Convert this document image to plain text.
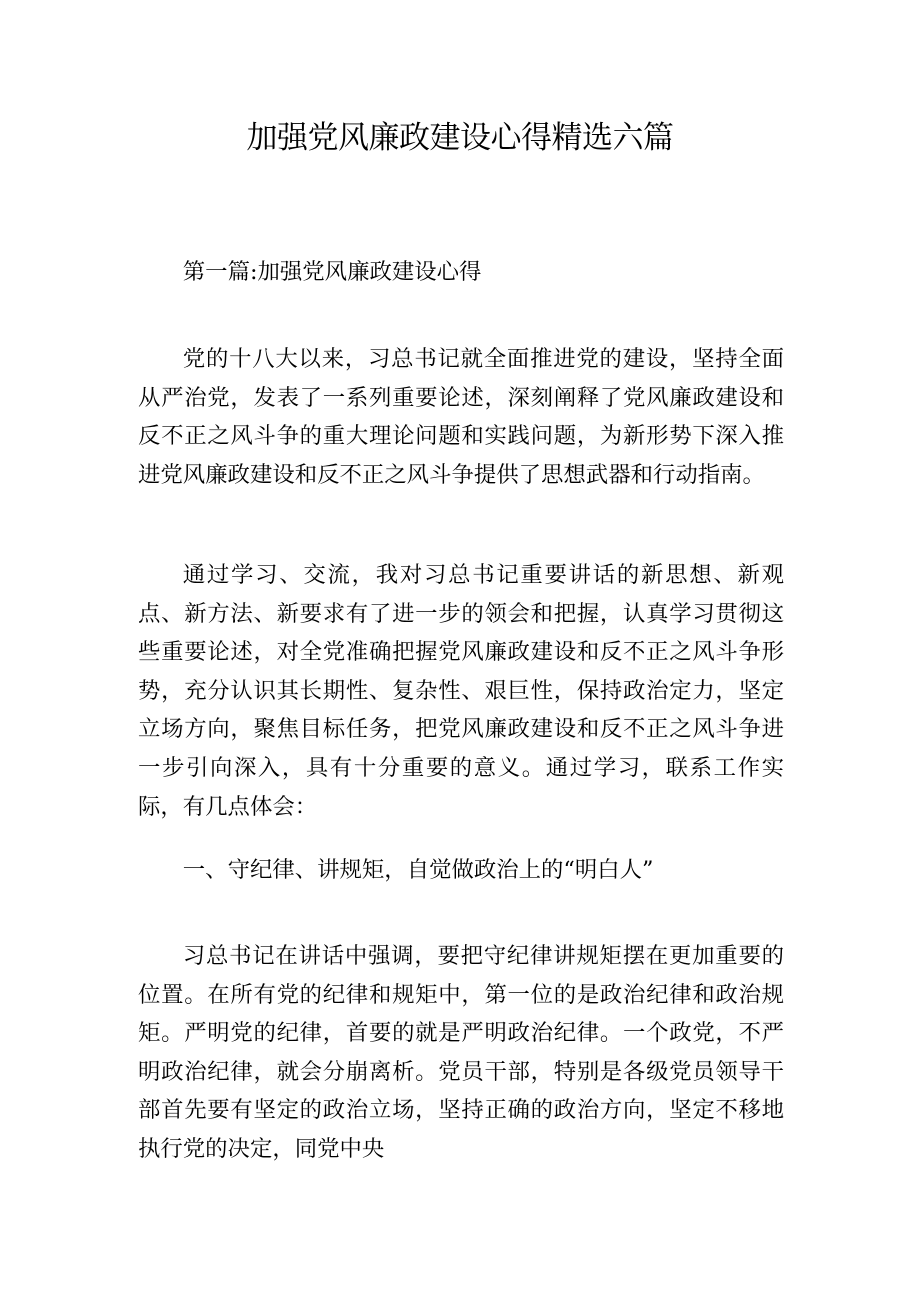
加强党风廉政建设心得精选六篇

第一篇:加强党风廉政建设心得

党的十八大以来，习总书记就全面推进党的建设，坚持全面从严治党，发表了一系列重要论述，深刻阐释了党风廉政建设和反不正之风斗争的重大理论问题和实践问题，为新形势下深入推进党风廉政建设和反不正之风斗争提供了思想武器和行动指南。

通过学习、交流，我对习总书记重要讲话的新思想、新观点、新方法、新要求有了进一步的领会和把握，认真学习贯彻这些重要论述，对全党准确把握党风廉政建设和反不正之风斗争形势，充分认识其长期性、复杂性、艰巨性，保持政治定力，坚定立场方向，聚焦目标任务，把党风廉政建设和反不正之风斗争进一步引向深入，具有十分重要的意义。通过学习，联系工作实际，有几点体会：

一、守纪律、讲规矩，自觉做政治上的“明白人”

习总书记在讲话中强调，要把守纪律讲规矩摆在更加重要的位置。在所有党的纪律和规矩中，第一位的是政治纪律和政治规矩。严明党的纪律，首要的就是严明政治纪律。一个政党，不严明政治纪律，就会分崩离析。党员干部，特别是各级党员领导干部首先要有坚定的政治立场，坚持正确的政治方向，坚定不移地执行党的决定，同党中央
